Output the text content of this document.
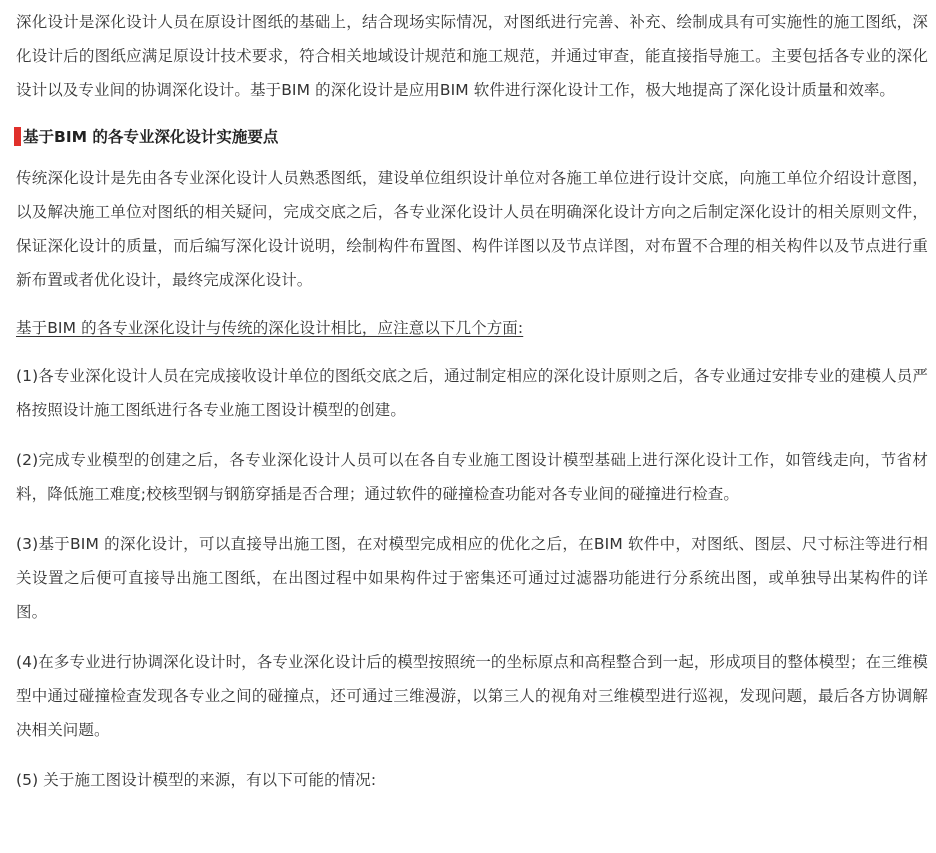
深化设计是深化设计人员在原设计图纸的基础上，结合现场实际情况，对图纸进行完善、补充、绘制成具有可实施性的施工图纸，深化设计后的图纸应满足原设计技术要求，符合相关地域设计规范和施工规范，并通过审查，能直接指导施工。主要包括各专业的深化设计以及专业间的协调深化设计。基于BIM 的深化设计是应用BIM 软件进行深化设计工作，极大地提高了深化设计质量和效率。

基于BIM 的各专业深化设计实施要点

传统深化设计是先由各专业深化设计人员熟悉图纸，建设单位组织设计单位对各施工单位进行设计交底，向施工单位介绍设计意图，以及解决施工单位对图纸的相关疑问，完成交底之后，各专业深化设计人员在明确深化设计方向之后制定深化设计的相关原则文件，保证深化设计的质量，而后编写深化设计说明，绘制构件布置图、构件详图以及节点详图，对布置不合理的相关构件以及节点进行重新布置或者优化设计，最终完成深化设计。

基于BIM 的各专业深化设计与传统的深化设计相比，应注意以下几个方面:

(1)各专业深化设计人员在完成接收设计单位的图纸交底之后，通过制定相应的深化设计原则之后，各专业通过安排专业的建模人员严格按照设计施工图纸进行各专业施工图设计模型的创建。

(2)完成专业模型的创建之后，各专业深化设计人员可以在各自专业施工图设计模型基础上进行深化设计工作，如管线走向，节省材料，降低施工难度;校核型钢与钢筋穿插是否合理；通过软件的碰撞检查功能对各专业间的碰撞进行检查。

(3)基于BIM 的深化设计，可以直接导出施工图，在对模型完成相应的优化之后，在BIM 软件中，对图纸、图层、尺寸标注等进行相关设置之后便可直接导出施工图纸，在出图过程中如果构件过于密集还可通过过滤器功能进行分系统出图，或单独导出某构件的详图。

(4)在多专业进行协调深化设计时，各专业深化设计后的模型按照统一的坐标原点和高程整合到一起，形成项目的整体模型；在三维模型中通过碰撞检查发现各专业之间的碰撞点，还可通过三维漫游，以第三人的视角对三维模型进行巡视，发现问题，最后各方协调解决相关问题。

(5) 关于施工图设计模型的来源，有以下可能的情况:
